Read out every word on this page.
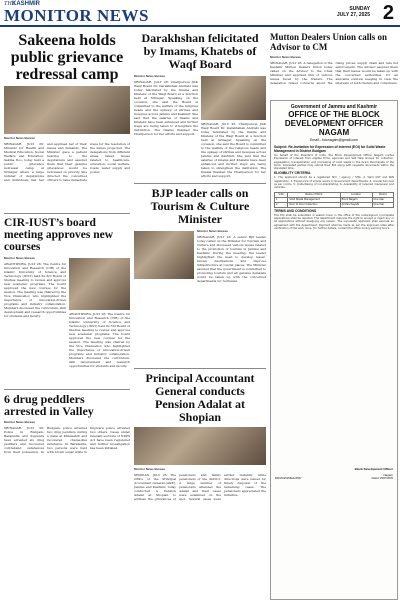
THE
KASHMIR
MONITOR NEWS	SUNDAY
JULY 27, 2025 2
Sakeena holds public grievance redressal camp
Monitor News Bureau
SRINAGAR, JULY 26: Minister for Health and Medical Education, Social Welfare and Education, Sakina Itoo, today held a public grievance redressal camp at Srinagar where a large number of deputations and individuals met her and apprised her of their issues and demands. The Minister gave a patient hearing to the deputations and assured them that their genuine grievances would be redressed on priority. She directed the concerned officers to take immediate steps for the resolution of the issues projected. The delegations from different areas raised issues related to healthcare, education, social welfare, roads, water supply and power.
CIR-IUST’s board meeting approves new courses
Monitor News Bureau
AWANTIPORA, JULY 26: The Centre for Innovation and Research (CIR) of the Islamic University of Science and Technology (IUST) held its 3rd Board of Studies meeting to review and approve new academic programs. The board approved the new courses for the session. The meeting was chaired by the Vice Chancellor, who highlighted the importance of innovation-driven programs and industry collaboration. Members discussed the curriculum, skill development and research opportunities for students and faculty.	AWANTIPORA, JULY 26: The Centre for Innovation and Research (CIR) of the Islamic University of Science and Technology (IUST) held its 3rd Board of Studies meeting to review and approve new academic programs. The board approved the new courses for the session. The meeting was chaired by the Vice Chancellor, who highlighted the importance of innovation-driven programs and industry collaboration. Members discussed the curriculum, skill development and research opportunities for students and faculty.
6 drug peddlers arrested in Valley
Monitor News Bureau
SRINAGAR, JULY 26: Police in Budgam, Baramulla and Kupwara have arrested six drug peddlers and recovered contraband substances from their possession. In Budgam, police arrested two drug peddlers during a naka at Khansahib and recovered charas-like substance. In Baramulla, two persons were held with brown sugar while in Kupwara police arrested two others. Cases under relevant sections of NDPS Act have been registered and further investigation has been initiated.
Darakhshan felicitated by Imams, Khatebs of Waqf Board
Monitor News Bureau
SRINAGAR, JULY 26: Chairperson J&K Waqf Board Dr. Darakhshan Andrabi was today felicitated by the Imams and Khatebs of the Waqf Board at a function held at Srinagar. Speaking on the occasion, she said the Board is committed to the welfare of the religious heads and the upkeep of shrines and mosques across Jammu and Kashmir. She said that the salaries of Imams and Khatebs have been enhanced and further steps are being taken to strengthen the institution. The Imams thanked the Chairperson for her efforts and support.
SRINAGAR, JULY 26: Chairperson J&K Waqf Board Dr. Darakhshan Andrabi was today felicitated by the Imams and Khatebs of the Waqf Board at a function held at Srinagar. Speaking on the occasion, she said the Board is committed to the welfare of the religious heads and the upkeep of shrines and mosques across Jammu and Kashmir. She said that the salaries of Imams and Khatebs have been enhanced and further steps are being taken to strengthen the institution. The Imams thanked the Chairperson for her efforts and support.
BJP leader calls on Tourism & Culture Minister
Monitor News Bureau
SRINAGAR, JULY 26: A senior BJP leader today called on the Minister for Tourism and Culture and discussed various issues related to the promotion of tourism in Jammu and Kashmir. During the meeting, the leader highlighted the need to develop lesser-known destinations and improve infrastructure at tourist places. The Minister assured that the government is committed to promoting tourism and all genuine demands would be taken up with the concerned departments for redressal.
Principal Accountant General conducts Pension Adalat at Shopian
Monitor News Bureau
SHOPIAN, JULY 26: The Office of the Principal Accountant General (A&E), Jammu and Kashmir, today conducted a Pension Adalat at Shopian to address the grievances of pensioners and family pensioners of the district. A large number of pensioners attended the Adalat and their cases were examined on the spot. Several cases were settled instantly while directions were issued for timely disposal of the remaining cases. The pensioners appreciated the initiative.
Mutton Dealers Union calls on Advisor to CM
Monitor News Bureau
SRINAGAR, JULY 26: A delegation of the Kashmir Mutton Dealers Union today called on the Advisor to the Chief Minister and apprised him of various issues faced by the traders. The delegation raised concerns about the rising prices, supply chain and rate list enforcement. The Advisor assured them that their issues would be taken up with the concerned authorities for an amicable solution keeping in view the interests of both traders and consumers.
Government of Jammu and Kashmir
OFFICE OF THE BLOCK DEVELOPMENT OFFICER NAGAM
Email:- bdonagam@gmail.com
Subject: Re-Invitation for Expression of Interest (EOI) for Solid Waste Management in District Budgam
On behalf of the President of India, the Block Development Officer Nagam invites Expression of Interest from eligible firms, agencies and Self Help Groups for collection, segregation, transportation and processing of solid waste in the Gram Panchayats of the block. Interested parties may submit their EOI along with requisite documents within the stipulated time.
ELIGIBILITY CRITERIA
1. The applicant should be a registered firm / agency / SHG. 2. Valid GST and PAN registration. 3. Experience of similar works in Government departments. 4. Annual turnover as per norms. 5. Undertaking of non-blacklisting. 6. Availability of required manpower and vehicles.
S.No	Name of Work	Location	Period
1	Solid Waste Management	Block Nagam	One Year
2	Door to Door Collection	All Panchayats	One Year
TERMS AND CONDITIONS
The EOI shall be submitted in sealed cover in the office of the undersigned. Incomplete applications shall be rejected. The department reserves the right to accept or reject any or all applications without assigning any reason. The successful applicant shall execute an agreement with the department. Payment shall be made as per the approved rates after verification of the work done. For further details, contact the office during working hours.
Block Development Officer
Nagam
BDO/N/2025/Edu/4567	Dated: 25/07/2025
